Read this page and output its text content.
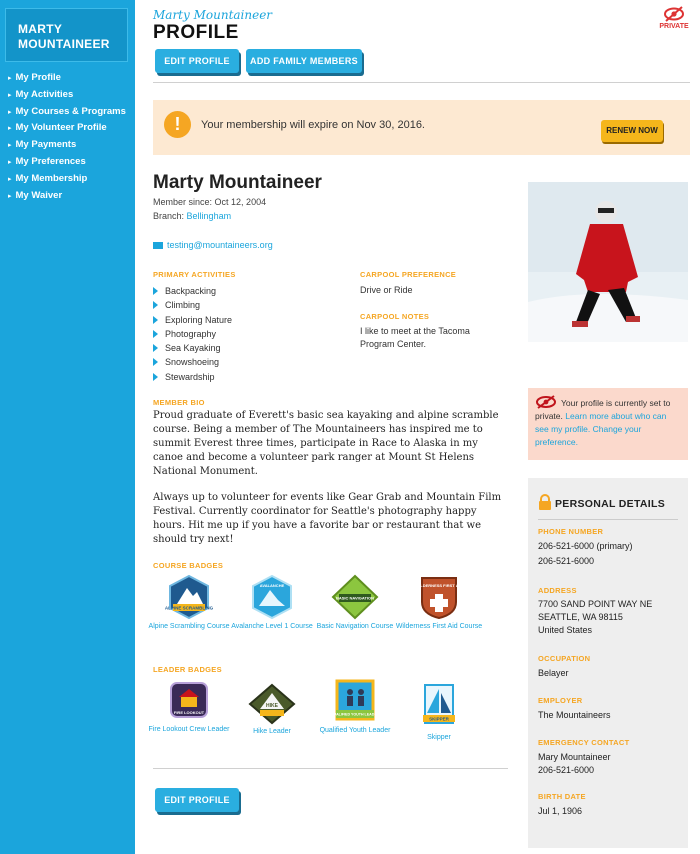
MARTY
MOUNTAINEER
▸ My Profile
▸ My Activities
▸ My Courses & Programs
▸ My Volunteer Profile
▸ My Payments
▸ My Preferences
▸ My Membership
▸ My Waiver
Marty Mountaineer
PROFILE	PRIVATE
EDIT PROFILE	ADD FAMILY MEMBERS
!	Your membership will expire on Nov 30, 2016.	RENEW NOW
Marty Mountaineer
Member since: Oct 12, 2004
Branch: Bellingham
testing@mountaineers.org
PRIMARY ACTIVITIES
Backpacking
Climbing
Exploring Nature
Photography
Sea Kayaking
Snowshoeing
Stewardship
CARPOOL PREFERENCE
Drive or Ride
CARPOOL NOTES
I like to meet at the Tacoma Program Center.
MEMBER BIO
Proud graduate of Everett's basic sea kayaking and alpine scramble course. Being a member of The Mountaineers has inspired me to summit Everest three times, participate in Race to Alaska in my canoe and become a volunteer park ranger at Mount St Helens National Monument.
Always up to volunteer for events like Gear Grab and Mountain Film Festival. Currently coordinator for Seattle's photography happy hours. Hit me up if you have a favorite bar or restaurant that we should try next!
COURSE BADGES
ALPINE SCRAMBLING
Alpine Scrambling Course
AVALANCHE
Avalanche Level 1 Course
BASIC NAVIGATION
Basic Navigation Course
WILDERNESS FIRST AID
Wilderness First Aid Course
LEADER BADGES
FIRE LOOKOUT
Fire Lookout Crew Leader
HIKE
Hike Leader
QUALIFIED YOUTH LEADER
Qualified Youth Leader
SKIPPER
Skipper
EDIT PROFILE
Your profile is currently set to private. Learn more about who can see my profile. Change your preference.
PERSONAL DETAILS
PHONE NUMBER
206-521-6000 (primary)
206-521-6000
ADDRESS
7700 SAND POINT WAY NE
SEATTLE, WA 98115
United States
OCCUPATION
Belayer
EMPLOYER
The Mountaineers
EMERGENCY CONTACT
Mary Mountaineer
206-521-6000
BIRTH DATE
Jul 1, 1906
